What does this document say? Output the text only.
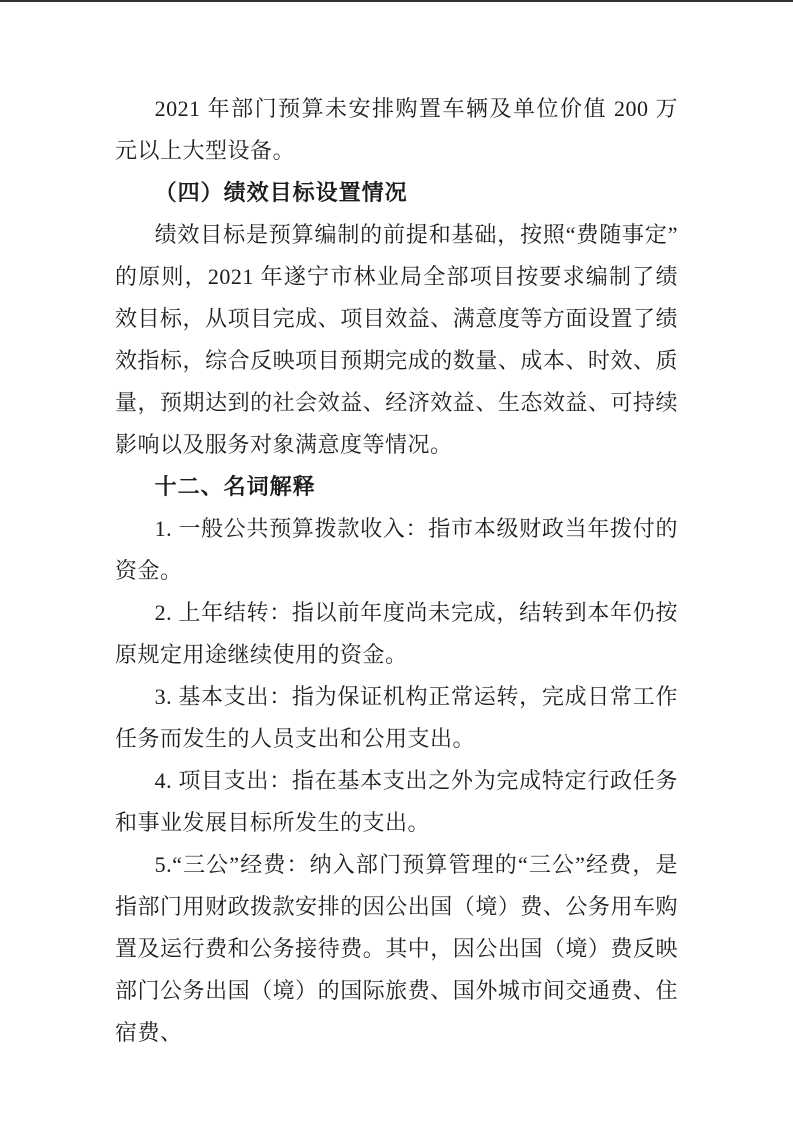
2021 年部门预算未安排购置车辆及单位价值 200 万元以上大型设备。

（四）绩效目标设置情况

绩效目标是预算编制的前提和基础，按照“费随事定”的原则，2021 年遂宁市林业局全部项目按要求编制了绩效目标，从项目完成、项目效益、满意度等方面设置了绩效指标，综合反映项目预期完成的数量、成本、时效、质量，预期达到的社会效益、经济效益、生态效益、可持续影响以及服务对象满意度等情况。

十二、名词解释

1. 一般公共预算拨款收入：指市本级财政当年拨付的资金。

2. 上年结转：指以前年度尚未完成，结转到本年仍按原规定用途继续使用的资金。

3. 基本支出：指为保证机构正常运转，完成日常工作任务而发生的人员支出和公用支出。

4. 项目支出：指在基本支出之外为完成特定行政任务和事业发展目标所发生的支出。

5.“三公”经费：纳入部门预算管理的“三公”经费，是指部门用财政拨款安排的因公出国（境）费、公务用车购置及运行费和公务接待费。其中，因公出国（境）费反映部门公务出国（境）的国际旅费、国外城市间交通费、住宿费、
